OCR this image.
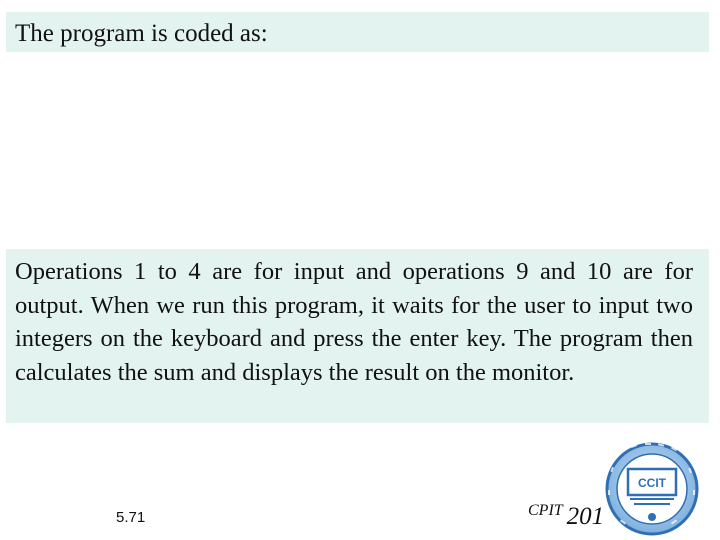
The program is coded as:
Operations 1 to 4 are for input and operations 9 and 10 are for output. When we run this program, it waits for the user to input two integers on the keyboard and press the enter key. The program then calculates the sum and displays the result on the monitor.
5.71	CPIT 201
CCIT
